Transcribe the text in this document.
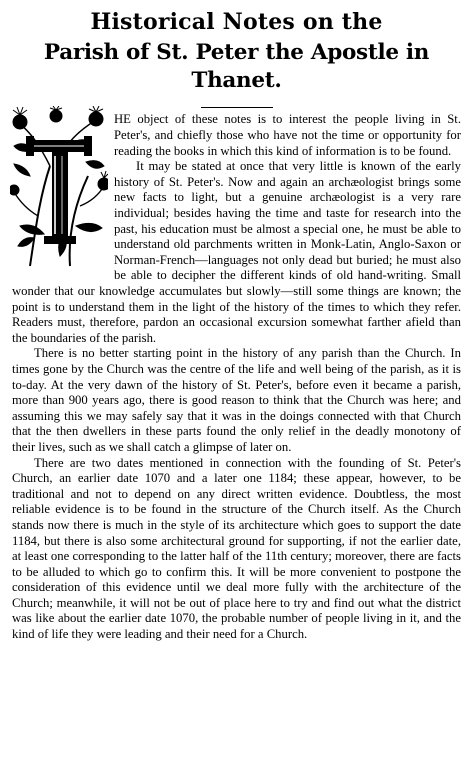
Historical Notes on the
Parish of St. Peter the Apostle in Thanet.
T

HE object of these notes is to interest the people living in St. Peter's, and chiefly those who have not the time or opportunity for reading the books in which this kind of information is to be found.

It may be stated at once that very little is known of the early history of St. Peter's. Now and again an archæologist brings some new facts to light, but a genuine archæologist is a very rare individual; besides having the time and taste for research into the past, his education must be almost a special one, he must be able to understand old parchments written in Monk-Latin, Anglo-Saxon or Norman-French—languages not only dead but buried; he must also be able to decipher the different kinds of old hand-writing. Small wonder that our knowledge accumulates but slowly—still some things are known; the point is to understand them in the light of the history of the times to which they refer. Readers must, therefore, pardon an occasional excursion somewhat farther afield than the boundaries of the parish.

There is no better starting point in the history of any parish than the Church. In times gone by the Church was the centre of the life and well being of the parish, as it is to-day. At the very dawn of the history of St. Peter's, before even it became a parish, more than 900 years ago, there is good reason to think that the Church was here; and assuming this we may safely say that it was in the doings connected with that Church that the then dwellers in these parts found the only relief in the deadly monotony of their lives, such as we shall catch a glimpse of later on.

There are two dates mentioned in connection with the founding of St. Peter's Church, an earlier date 1070 and a later one 1184; these appear, however, to be traditional and not to depend on any direct written evidence. Doubtless, the most reliable evidence is to be found in the structure of the Church itself. As the Church stands now there is much in the style of its architecture which goes to support the date 1184, but there is also some architectural ground for supporting, if not the earlier date, at least one corresponding to the latter half of the 11th century; moreover, there are facts to be alluded to which go to confirm this. It will be more convenient to postpone the consideration of this evidence until we deal more fully with the architecture of the Church; meanwhile, it will not be out of place here to try and find out what the district was like about the earlier date 1070, the probable number of people living in it, and the kind of life they were leading and their need for a Church.
